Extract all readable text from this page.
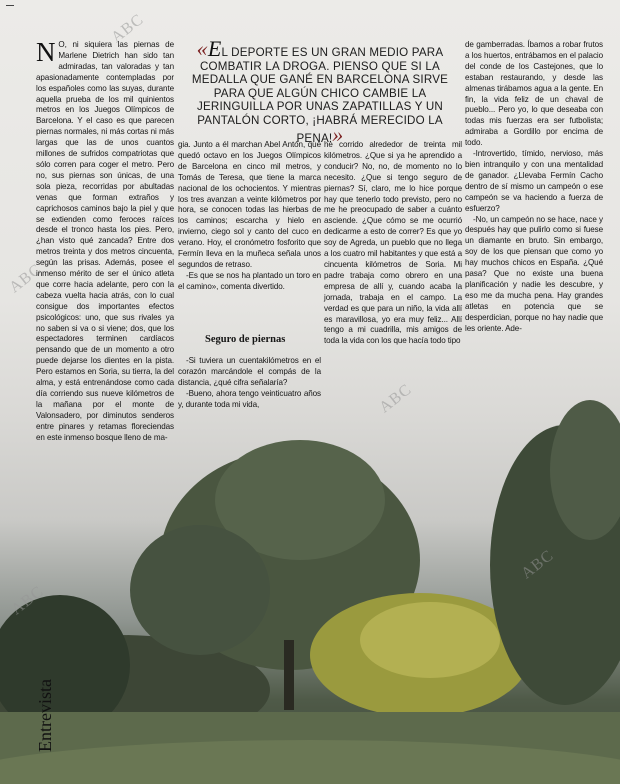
ABC
ABC
ABC
ABC
ABC
«EL DEPORTE ES UN GRAN MEDIO PARA COMBATIR LA DROGA. PIENSO QUE SI LA MEDALLA QUE GANÉ EN BARCELONA SIRVE PARA QUE ALGÚN CHICO CAMBIE LA JERINGUILLA POR UNAS ZAPATILLAS Y UN PANTALÓN CORTO, ¡HABRÁ MERECIDO LA PENA!»

N O, ni siquiera las piernas de Marlene Dietrich han sido tan admiradas, tan valoradas y tan apasionadamente contempladas por los españoles como las suyas, durante aquella prueba de los mil quinientos metros en los Juegos Olímpicos de Barcelona. Y el caso es que parecen piernas normales, ni más cortas ni más largas que las de unos cuantos millones de sufridos compatriotas que sólo corren para coger el metro. Pero no, sus piernas son únicas, de una sola pieza, recorridas por abultadas venas que forman extraños y caprichosos caminos bajo la piel y que se extienden como feroces raíces desde el tronco hasta los pies. Pero, ¿han visto qué zancada? Entre dos metros treinta y dos metros cincuenta, según las prisas. Además, posee el inmenso mérito de ser el único atleta que corre hacia adelante, pero con la cabeza vuelta hacia atrás, con lo cual consigue dos importantes efectos psicológicos: uno, que sus rivales ya no saben si va o si viene; dos, que los espectadores terminen cardíacos pensando que de un momento a otro puede dejarse los dientes en la pista. Pero estamos en Soria, su tierra, la del alma, y está entrenándose como cada día corriendo sus nueve kilómetros de la mañana por el monte de Valonsadero, por diminutos senderos entre pinares y retamas floreciendas en este inmenso bosque lleno de ma-

gia. Junto a él marchan Abel Antón, que quedó octavo en los Juegos Olímpicos de Barcelona en cinco mil metros, y Tomás de Teresa, que tiene la marca nacional de los ochocientos. Y mientras los tres avanzan a veinte kilómetros por hora, se conocen todas las hierbas de los caminos; escarcha y hielo en invierno, ciego sol y canto del cuco en verano. Hoy, el cronómetro fosforito que Fermín lleva en la muñeca señala unos segundos de retraso.

-Es que se nos ha plantado un toro en el camino», comenta divertido.

Seguro de piernas

-Si tuviera un cuentakilómetros en el corazón marcándole el compás de la distancia, ¿qué cifra señalaría?

-Bueno, ahora tengo veinticuatro años y, durante toda mi vida,

he corrido alrededor de treinta mil kilómetros. ¿Que si ya he aprendido a conducir? No, no, de momento no lo necesito. ¿Que si tengo seguro de piernas? Sí, claro, me lo hice porque hay que tenerlo todo previsto, pero no me he preocupado de saber a cuánto asciende. ¿Que cómo se me ocurrió dedicarme a esto de correr? Es que yo soy de Agreda, un pueblo que no llega a los cuatro mil habitantes y que está a cincuenta kilómetros de Soria. Mi padre trabaja como obrero en una empresa de allí y, cuando acaba la jornada, trabaja en el campo. La verdad es que para un niño, la vida allí es maravillosa, yo era muy feliz... Allí tengo a mi cuadrilla, mis amigos de toda la vida con los que hacía todo tipo

de gamberradas. Íbamos a robar frutos a los huertos, entrábamos en el palacio del conde de los Castejones, que lo estaban restaurando, y desde las almenas tirábamos agua a la gente. En fin, la vida feliz de un chaval de pueblo... Pero yo, lo que deseaba con todas mis fuerzas era ser futbolista; admiraba a Gordillo por encima de todo.

-Introvertido, tímido, nervioso, más bien intranquilo y con una mentalidad de ganador. ¿Llevaba Fermín Cacho dentro de sí mismo un campeón o ese campeón se va haciendo a fuerza de esfuerzo?

-No, un campeón no se hace, nace y después hay que pulirlo como si fuese un diamante en bruto. Sin embargo, soy de los que piensan que como yo hay muchos chicos en España. ¿Qué pasa? Que no existe una buena planificación y nadie les descubre, y eso me da mucha pena. Hay grandes atletas en potencia que se desperdician, porque no hay nadie que les oriente. Ade-

Entrevista
